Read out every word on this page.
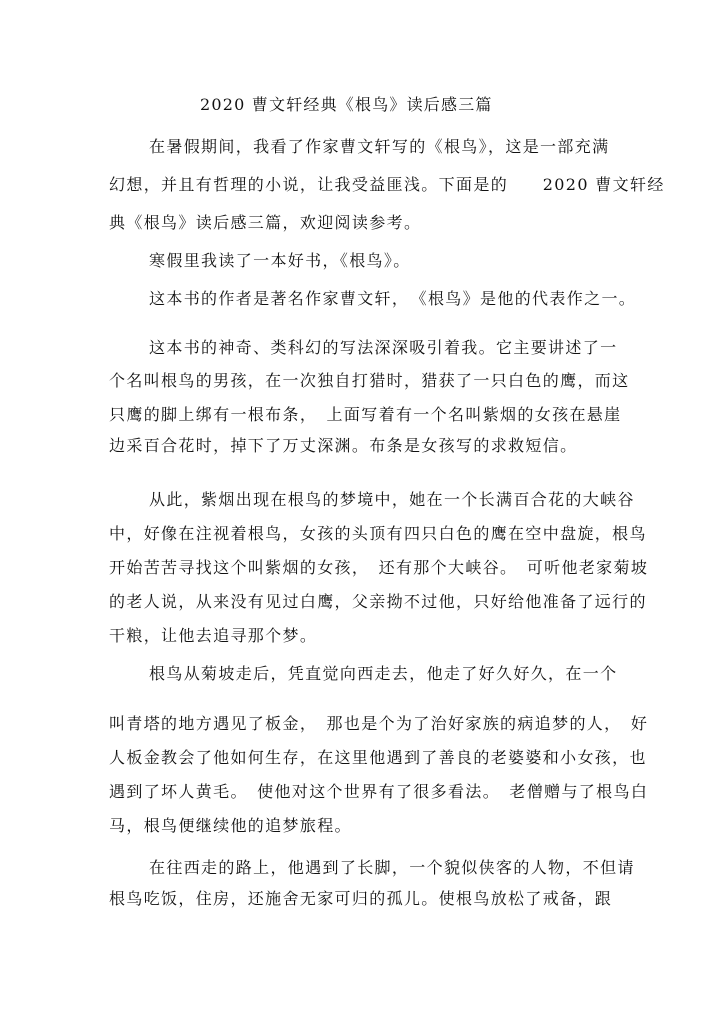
2020 曹文轩经典《根鸟》读后感三篇
在暑假期间，我看了作家曹文轩写的《根鸟》，这是一部充满
幻想，并且有哲理的小说，让我受益匪浅。下面是的　　2020 曹文轩经
典《根鸟》读后感三篇，欢迎阅读参考。
寒假里我读了一本好书，《根鸟》。
这本书的作者是著名作家曹文轩，　《根鸟》是他的代表作之一。
这本书的神奇、类科幻的写法深深吸引着我。它主要讲述了一
个名叫根鸟的男孩，在一次独自打猎时，猎获了一只白色的鹰，而这
只鹰的脚上绑有一根布条，　上面写着有一个名叫紫烟的女孩在悬崖
边采百合花时，掉下了万丈深渊。布条是女孩写的求救短信。
从此，紫烟出现在根鸟的梦境中，她在一个长满百合花的大峡谷
中，好像在注视着根鸟，女孩的头顶有四只白色的鹰在空中盘旋，根鸟
开始苦苦寻找这个叫紫烟的女孩，　还有那个大峡谷。　可听他老家菊坡
的老人说，从来没有见过白鹰，父亲拗不过他，只好给他准备了远行的
干粮，让他去追寻那个梦。
根鸟从菊坡走后，凭直觉向西走去，他走了好久好久，在一个
叫青塔的地方遇见了板金，　那也是个为了治好家族的病追梦的人，　好
人板金教会了他如何生存，在这里他遇到了善良的老婆婆和小女孩，也
遇到了坏人黄毛。　使他对这个世界有了很多看法。　老僧赠与了根鸟白
马，根鸟便继续他的追梦旅程。
在往西走的路上，他遇到了长脚，一个貌似侠客的人物，不但请
根鸟吃饭，住房，还施舍无家可归的孤儿。使根鸟放松了戒备，跟
